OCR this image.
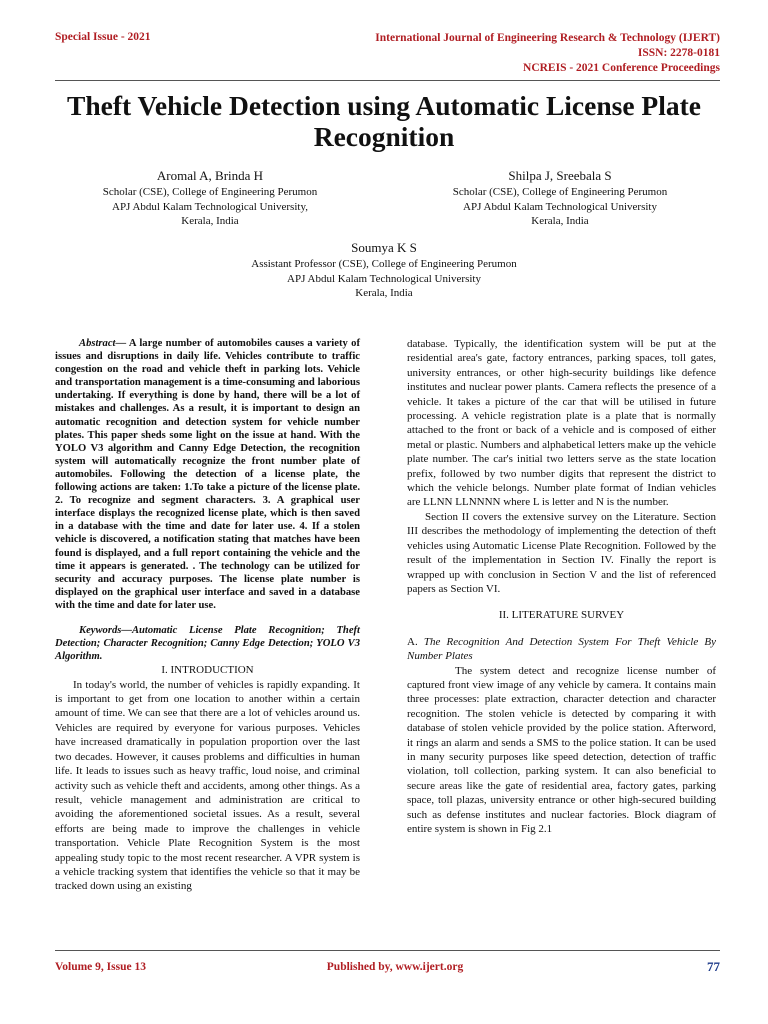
Special Issue - 2021	International Journal of Engineering Research & Technology (IJERT)
ISSN: 2278-0181
NCREIS - 2021 Conference Proceedings
Theft Vehicle Detection using Automatic License Plate Recognition
Aromal A, Brinda H
Scholar (CSE), College of Engineering Perumon
APJ Abdul Kalam Technological University,
Kerala, India
Shilpa J, Sreebala S
Scholar (CSE), College of Engineering Perumon
APJ Abdul Kalam Technological University
Kerala, India
Soumya K S
Assistant Professor (CSE), College of Engineering Perumon
APJ Abdul Kalam Technological University
Kerala, India

Abstract— A large number of automobiles causes a variety of issues and disruptions in daily life. Vehicles contribute to traffic congestion on the road and vehicle theft in parking lots. Vehicle and transportation management is a time-consuming and laborious undertaking. If everything is done by hand, there will be a lot of mistakes and challenges. As a result, it is important to design an automatic recognition and detection system for vehicle number plates. This paper sheds some light on the issue at hand. With the YOLO V3 algorithm and Canny Edge Detection, the recognition system will automatically recognize the front number plate of automobiles. Following the detection of a license plate, the following actions are taken: 1.To take a picture of the license plate. 2. To recognize and segment characters. 3. A graphical user interface displays the recognized license plate, which is then saved in a database with the time and date for later use. 4. If a stolen vehicle is discovered, a notification stating that matches have been found is displayed, and a full report containing the vehicle and the time it appears is generated. . The technology can be utilized for security and accuracy purposes. The license plate number is displayed on the graphical user interface and saved in a database with the time and date for later use.

Keywords—Automatic License Plate Recognition; Theft Detection; Character Recognition; Canny Edge Detection; YOLO V3 Algorithm.

I. INTRODUCTION

In today's world, the number of vehicles is rapidly expanding. It is important to get from one location to another within a certain amount of time. We can see that there are a lot of vehicles around us. Vehicles are required by everyone for various purposes. Vehicles have increased dramatically in population proportion over the last two decades. However, it causes problems and difficulties in human life. It leads to issues such as heavy traffic, loud noise, and criminal activity such as vehicle theft and accidents, among other things. As a result, vehicle management and administration are critical to avoiding the aforementioned societal issues. As a result, several efforts are being made to improve the challenges in vehicle transportation. Vehicle Plate Recognition System is the most appealing study topic to the most recent researcher. A VPR system is a vehicle tracking system that identifies the vehicle so that it may be tracked down using an existing

database. Typically, the identification system will be put at the residential area's gate, factory entrances, parking spaces, toll gates, university entrances, or other high-security buildings like defence institutes and nuclear power plants. Camera reflects the presence of a vehicle. It takes a picture of the car that will be utilised in future processing. A vehicle registration plate is a plate that is normally attached to the front or back of a vehicle and is composed of either metal or plastic. Numbers and alphabetical letters make up the vehicle plate number. The car's initial two letters serve as the state location prefix, followed by two number digits that represent the district to which the vehicle belongs. Number plate format of Indian vehicles are LLNN LLNNNN where L is letter and N is the number.

Section II covers the extensive survey on the Literature. Section III describes the methodology of implementing the detection of theft vehicles using Automatic License Plate Recognition. Followed by the result of the implementation in Section IV. Finally the report is wrapped up with conclusion in Section V and the list of referenced papers as Section VI.

II. LITERATURE SURVEY

A. The Recognition And Detection System For Theft Vehicle By Number Plates

The system detect and recognize license number of captured front view image of any vehicle by camera. It contains main three processes: plate extraction, character detection and character recognition. The stolen vehicle is detected by comparing it with database of stolen vehicle provided by the police station. Afterword, it rings an alarm and sends a SMS to the police station. It can be used in many security purposes like speed detection, detection of traffic violation, toll collection, parking system. It can also beneficial to secure areas like the gate of residential area, factory gates, parking space, toll plazas, university entrance or other high-secured building such as defense institutes and nuclear factories. Block diagram of entire system is shown in Fig 2.1

Volume 9, Issue 13	Published by, www.ijert.org	77
